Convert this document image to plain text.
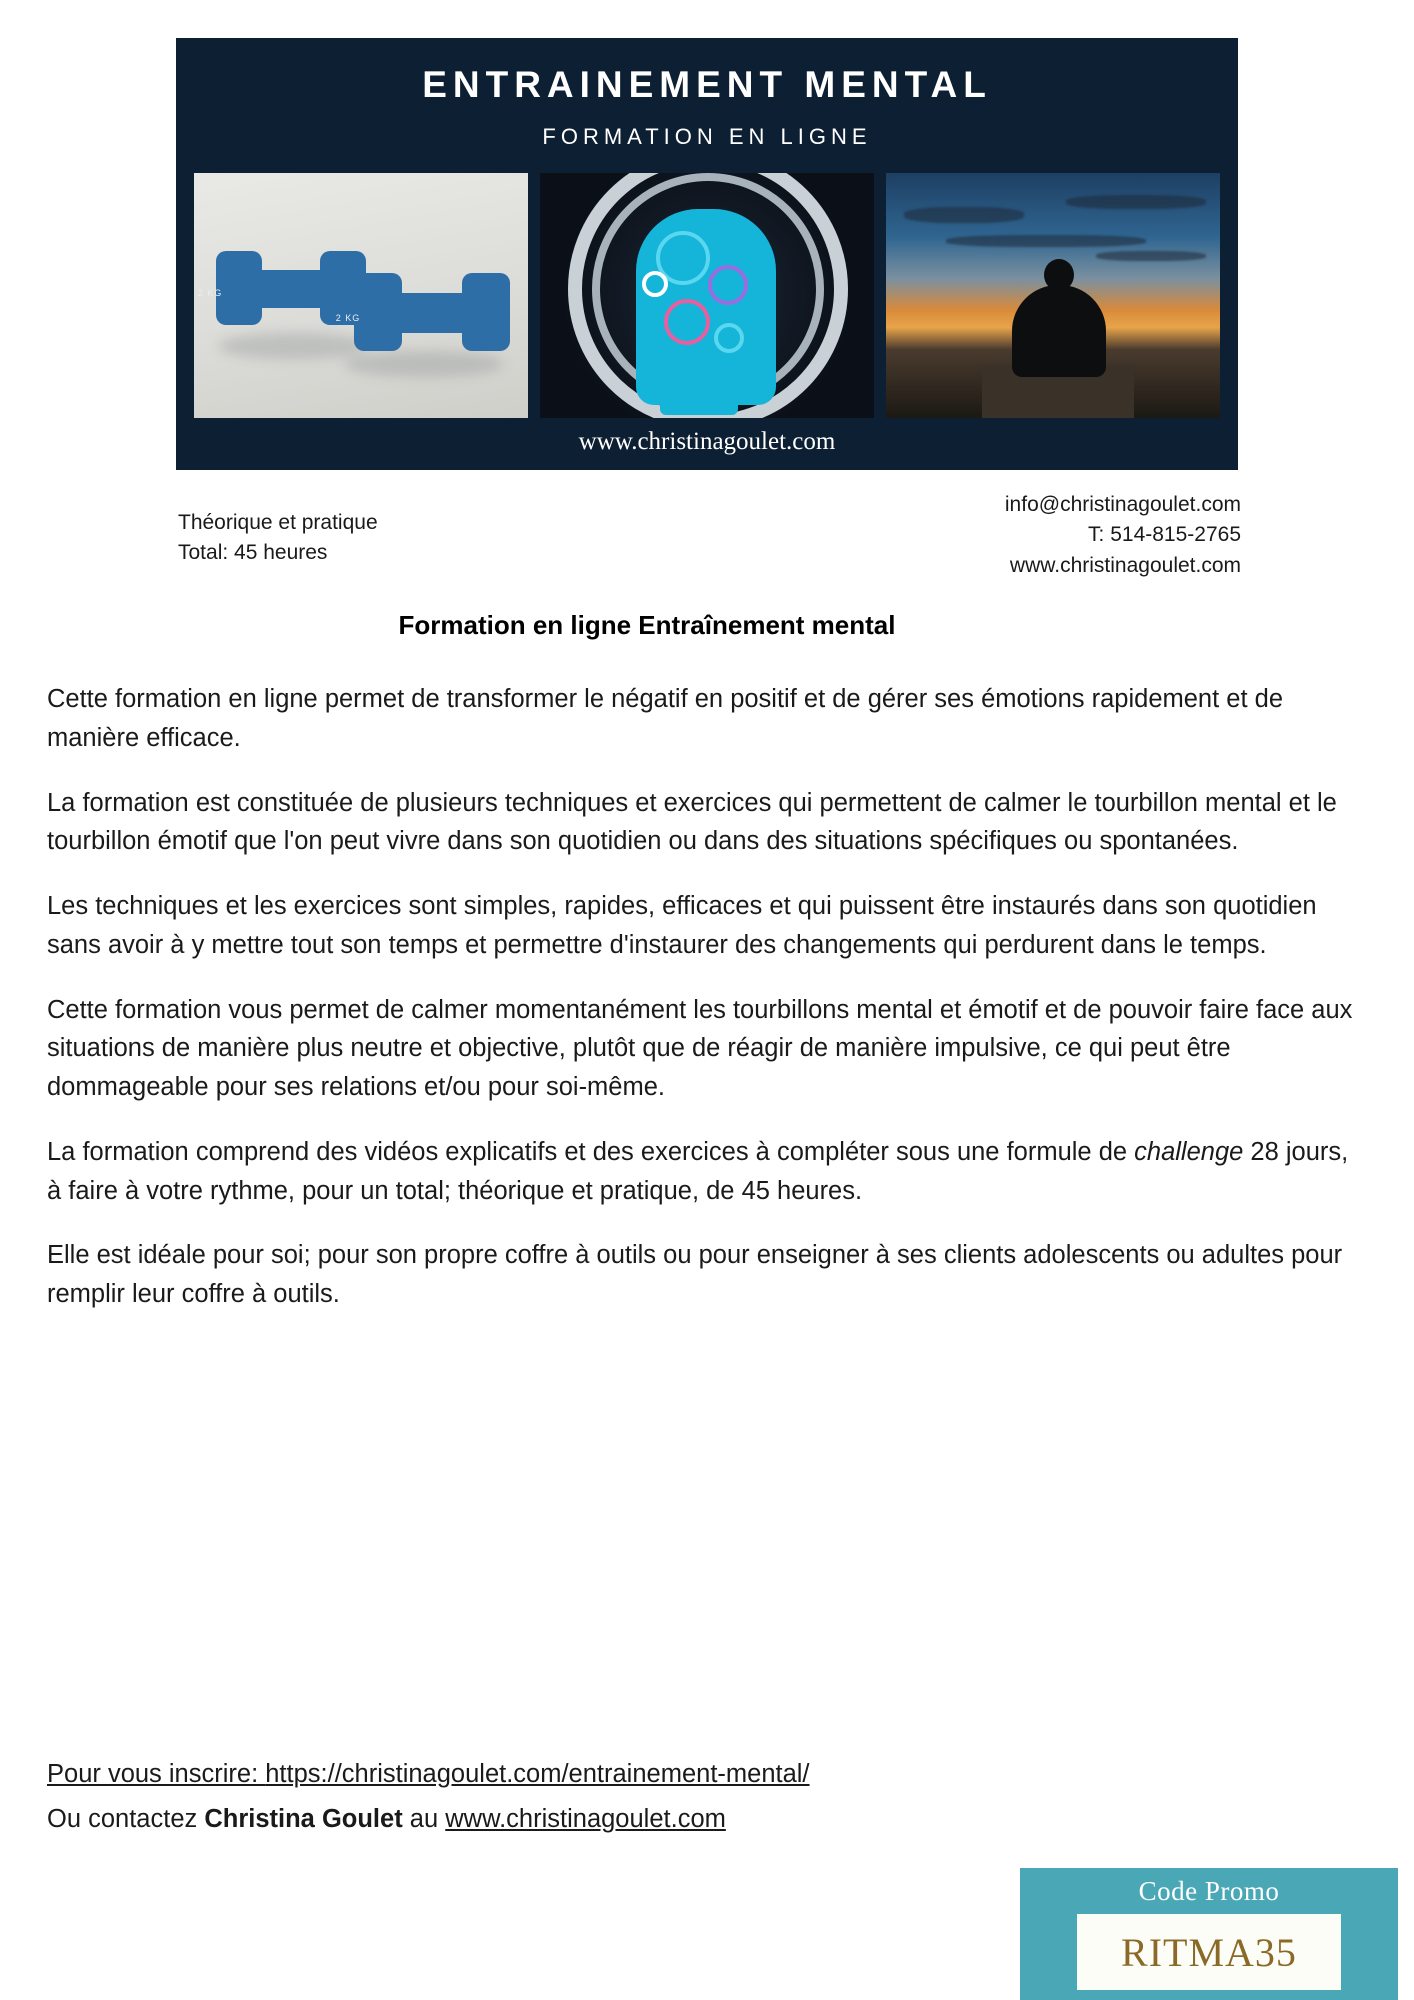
ENTRAINEMENT MENTAL
FORMATION EN LIGNE
2 KG
2 KG
www.christinagoulet.com
Théorique et pratique
Total: 45 heures
info@christinagoulet.com
T: 514-815-2765
www.christinagoulet.com
Formation en ligne Entraînement mental

Cette formation en ligne permet de transformer le négatif en positif et de gérer ses émotions rapidement et de manière efficace.

La formation est constituée de plusieurs techniques et exercices qui permettent de calmer le tourbillon mental et le tourbillon émotif que l'on peut vivre dans son quotidien ou dans des situations spécifiques ou spontanées.

Les techniques et les exercices sont simples, rapides, efficaces et qui puissent être instaurés dans son quotidien sans avoir à y mettre tout son temps et permettre d'instaurer des changements qui perdurent dans le temps.

Cette formation vous permet de calmer momentanément les tourbillons mental et émotif et de pouvoir faire face aux situations de manière plus neutre et objective, plutôt que de réagir de manière impulsive, ce qui peut être dommageable pour ses relations et/ou pour soi-même.

La formation comprend des vidéos explicatifs et des exercices à compléter sous une formule de challenge 28 jours, à faire à votre rythme, pour un total; théorique et pratique, de 45 heures.

Elle est idéale pour soi; pour son propre coffre à outils ou pour enseigner à ses clients adolescents ou adultes pour remplir leur coffre à outils.

Pour vous inscrire: https://christinagoulet.com/entrainement-mental/
Ou contactez Christina Goulet au www.christinagoulet.com
Code Promo
RITMA35
